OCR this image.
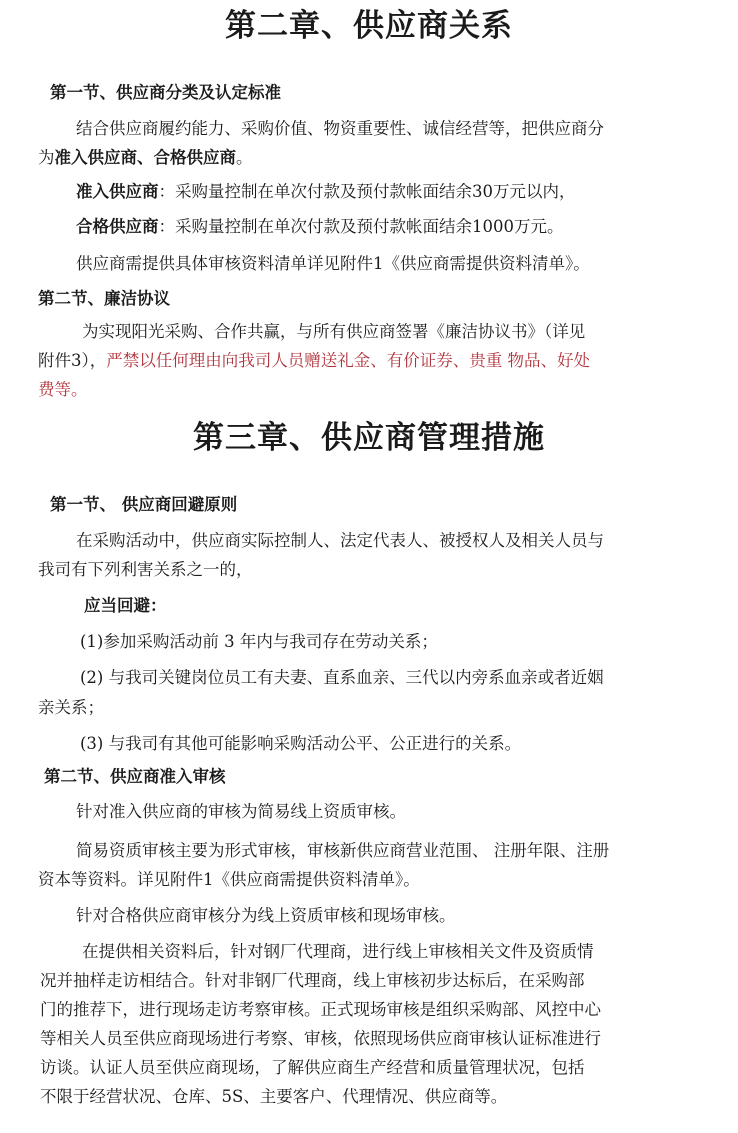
第二章、供应商关系
第一节、供应商分类及认定标准
结合供应商履约能力、采购价值、物资重要性、诚信经营等，把供应商分
为准入供应商、合格供应商。
准入供应商：采购量控制在单次付款及预付款帐面结余30万元以内，
合格供应商：采购量控制在单次付款及预付款帐面结余1000万元。
供应商需提供具体审核资料清单详见附件1《供应商需提供资料清单》。
第二节、廉洁协议
为实现阳光采购、合作共赢，与所有供应商签署《廉洁协议书》（详见
附件3），严禁以任何理由向我司人员赠送礼金、有价证券、贵重 物品、好处
费等。
第三章、供应商管理措施
第一节、 供应商回避原则
在采购活动中，供应商实际控制人、法定代表人、被授权人及相关人员与
我司有下列利害关系之一的，
应当回避：
(1)参加采购活动前 3 年内与我司存在劳动关系；
(2) 与我司关键岗位员工有夫妻、直系血亲、三代以内旁系血亲或者近姻
亲关系；
(3) 与我司有其他可能影响采购活动公平、公正进行的关系。
第二节、供应商准入审核
针对准入供应商的审核为简易线上资质审核。
简易资质审核主要为形式审核，审核新供应商营业范围、 注册年限、注册
资本等资料。详见附件1《供应商需提供资料清单》。
针对合格供应商审核分为线上资质审核和现场审核。
在提供相关资料后，针对钢厂代理商，进行线上审核相关文件及资质情
况并抽样走访相结合。针对非钢厂代理商，线上审核初步达标后，在采购部
门的推荐下，进行现场走访考察审核。正式现场审核是组织采购部、风控中心
等相关人员至供应商现场进行考察、审核，依照现场供应商审核认证标准进行
访谈。认证人员至供应商现场，了解供应商生产经营和质量管理状况，包括
不限于经营状况、仓库、5S、主要客户、代理情况、供应商等。
